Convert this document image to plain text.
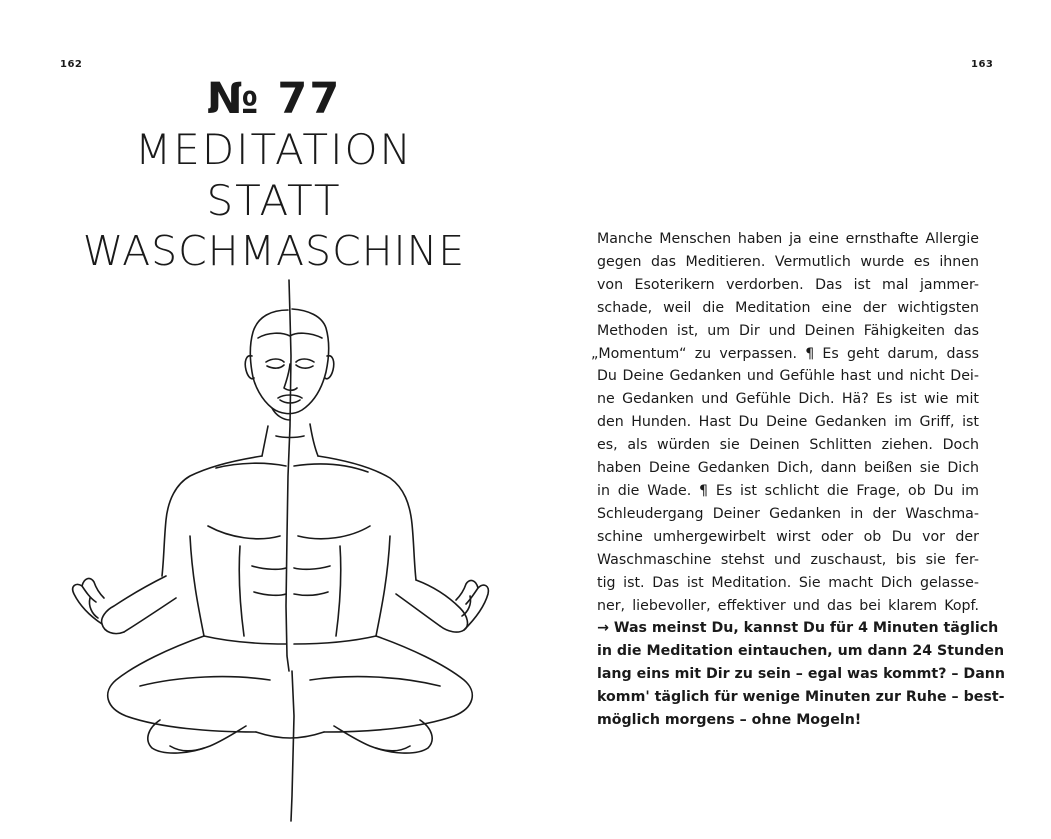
162	163
№ 77
MEDITATION
STATT
WASCHMASCHINE	Manche Menschen haben ja eine ernsthafte Allergie
gegen das Meditieren. Vermutlich wurde es ihnen
von Esoterikern verdorben. Das ist mal jammer-
schade, weil die Meditation eine der wichtigsten
Methoden ist, um Dir und Deinen Fähigkeiten das
„Momentum“ zu verpassen. ¶ Es geht darum, dass
Du Deine Gedanken und Gefühle hast und nicht Dei-
ne Gedanken und Gefühle Dich. Hä? Es ist wie mit
den Hunden. Hast Du Deine Gedanken im Griff, ist
es, als würden sie Deinen Schlitten ziehen. Doch
haben Deine Gedanken Dich, dann beißen sie Dich
in die Wade. ¶ Es ist schlicht die Frage, ob Du im
Schleudergang Deiner Gedanken in der Waschma-
schine umhergewirbelt wirst oder ob Du vor der
Waschmaschine stehst und zuschaust, bis sie fer-
tig ist. Das ist Meditation. Sie macht Dich gelasse-
ner, liebevoller, effektiver und das bei klarem Kopf.
→ Was meinst Du, kannst Du für 4 Minuten täglich
in die Meditation eintauchen, um dann 24 Stunden
lang eins mit Dir zu sein – egal was kommt? – Dann
komm' täglich für wenige Minuten zur Ruhe – best-
möglich morgens – ohne Mogeln!
